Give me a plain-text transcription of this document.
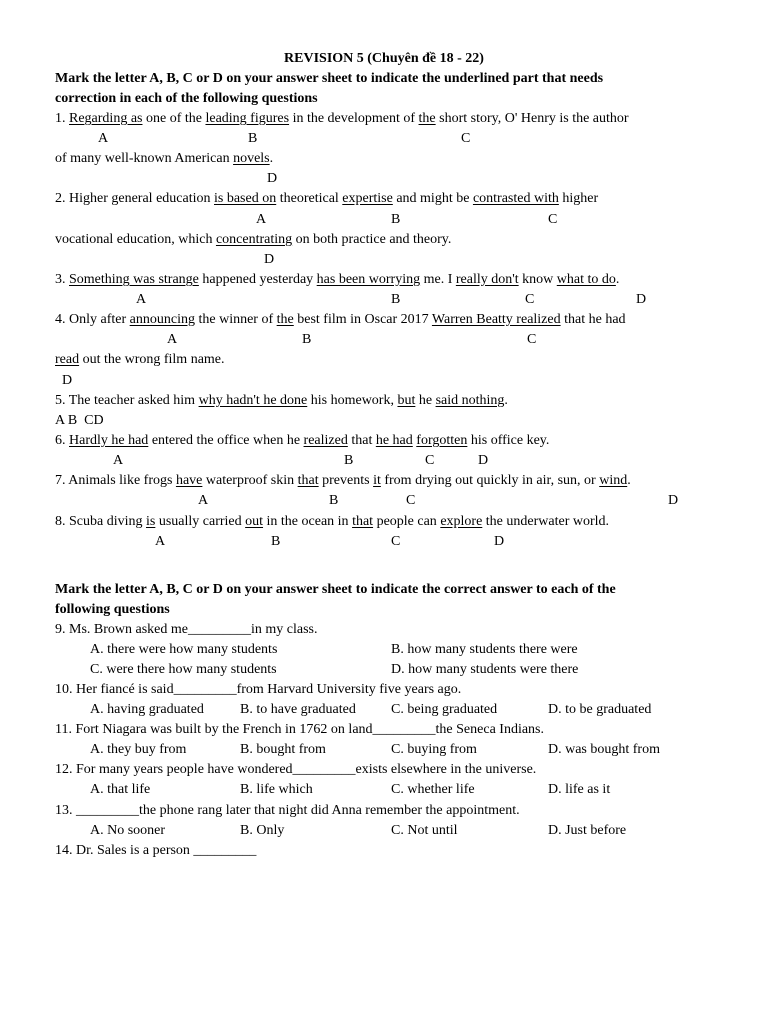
REVISION 5 (Chuyên đề 18 - 22)
Mark the letter A, B, C or D on your answer sheet to indicate the underlined part that needs
correction in each of the following questions
1. Regarding as one of the leading figures in the development of the short story, O' Henry is the author
of many well-known American novels.
A	B	C
D
2. Higher general education is based on theoretical expertise and might be contrasted with higher
vocational education, which concentrating on both practice and theory.
A	B	C
D
3. Something was strange happened yesterday has been worrying me. I really don't know what to do.
A	B	C	D
4. Only after announcing the winner of the best film in Oscar 2017 Warren Beatty realized that he had
read out the wrong film name.
A	B	C
D
5. The teacher asked him why hadn't he done his homework, but he said nothing.
A B  CD
6. Hardly he had entered the office when he realized that he had forgotten his office key.
A	B	C	D
7. Animals like frogs have waterproof skin that prevents it from drying out quickly in air, sun, or wind.
A	B	C	D
8. Scuba diving is usually carried out in the ocean in that people can explore the underwater world.
A	B	C	D
Mark the letter A, B, C or D on your answer sheet to indicate the correct answer to each of the
following questions
9. Ms. Brown asked me_________in my class.
A. there were how many students	B. how many students there were
C. were there how many students	D. how many students were there
10. Her fiancé is said_________from Harvard University five years ago.
A. having graduated	B. to have graduated	C. being graduated	D. to be graduated
11. Fort Niagara was built by the French in 1762 on land_________the Seneca Indians.
A. they buy from	B. bought from	C. buying from	D. was bought from
12. For many years people have wondered_________exists elsewhere in the universe.
A. that life	B. life which	C. whether life	D. life as it
13. _________the phone rang later that night did Anna remember the appointment.
A. No sooner	B. Only	C. Not until	D. Just before
14. Dr. Sales is a person _________
